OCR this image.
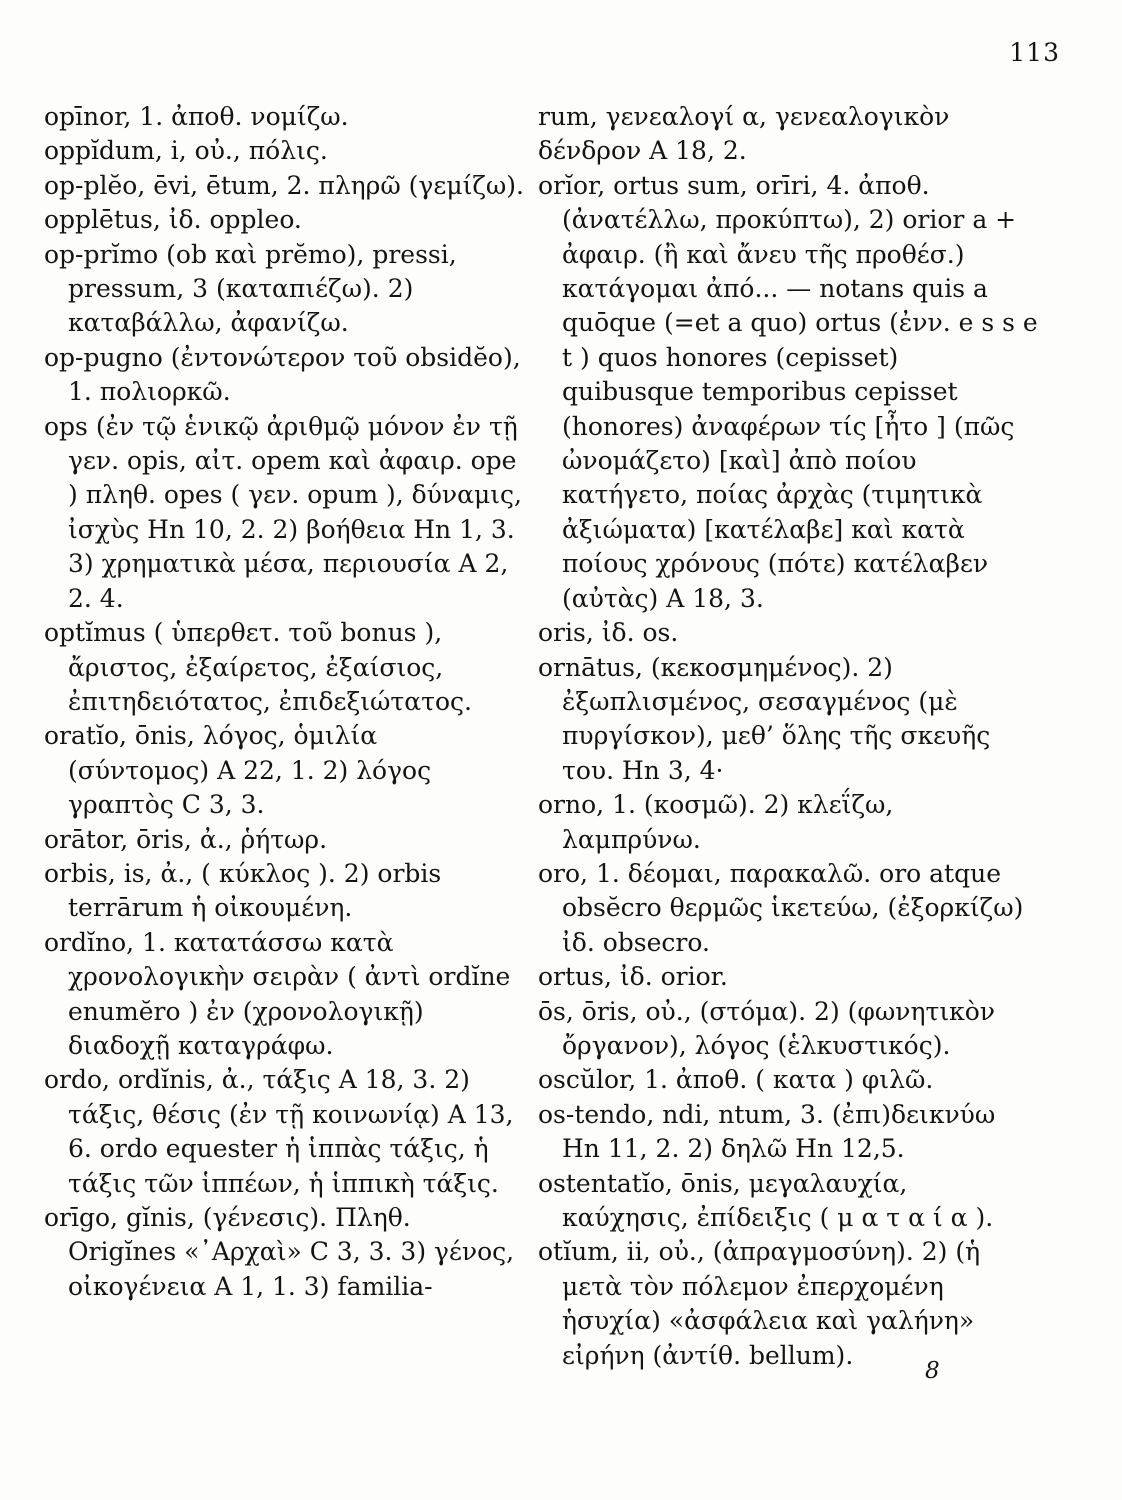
113

opīnor, 1. ἀποθ. νομίζω.

oppĭdum, i, οὐ., πόλις.

op-plĕo, ēvi, ētum, 2. πληρῶ (γεμίζω).

opplētus, ἰδ. oppleo.

op-prĭmo (ob καὶ prĕmo), pressi, pressum, 3 (καταπιέζω). 2) καταβάλλω, ἀφανίζω.

op-pugno (ἐντονώτερον τοῦ obsidĕo), 1. πολιορκῶ.

ops (ἐν τῷ ἑνικῷ ἀριθμῷ μόνον ἐν τῇ γεν. opis, αἰτ. opem καὶ ἀφαιρ. ope ) πληθ. opes ( γεν. opum ), δύναμις, ἰσχὺς Hn 10, 2. 2) βοήθεια Hn 1, 3. 3) χρηματικὰ μέσα, περιουσία A 2, 2. 4.

optĭmus ( ὑπερθετ. τοῦ bonus ), ἄριστος, ἐξαίρετος, ἐξαίσιος, ἐπιτηδειότατος, ἐπιδεξιώτατος.

oratĭo, ōnis, λόγος, ὁμιλία (σύντομος) A 22, 1. 2) λόγος γραπτὸς C 3, 3.

orātor, ōris, ἀ., ῥήτωρ.

orbis, is, ἀ., ( κύκλος ). 2) orbis terrārum ἡ οἰκουμένη.

ordĭno, 1. κατατάσσω κατὰ χρονολογικὴν σειρὰν ( ἀντὶ ordĭne enumĕro ) ἐν (χρονολογικῇ) διαδοχῇ καταγράφω.

ordo, ordĭnis, ἀ., τάξις A 18, 3. 2) τάξις, θέσις (ἐν τῇ κοινωνίᾳ) A 13, 6. ordo equester ἡ ἱππὰς τάξις, ἡ τάξις τῶν ἱππέων, ἡ ἱππικὴ τάξις.

orīgo, gĭnis, (γένεσις). Πληθ. Origĭnes «᾿Αρχαὶ» C 3, 3. 3) γένος, οἰκογένεια A 1, 1. 3) familia-

rum, γενεαλογί α, γενεαλογικὸν δένδρον A 18, 2.

orĭor, ortus sum, orīri, 4. ἀποθ. (ἀνατέλλω, προκύπτω), 2) orior a + ἀφαιρ. (ἢ καὶ ἄνευ τῆς προθέσ.) κατάγομαι ἀπό... — notans quis a quōque (=et a quo) ortus (ἐνν. e s s e t ) quos honores (cepisset) quibusque temporibus cepisset (honores) ἀναφέρων τίς [ἦτο ] (πῶς ὠνομάζετο) [καὶ] ἀπὸ ποίου κατήγετο, ποίας ἀρχὰς (τιμητικὰ ἀξιώματα) [κατέλαβε] καὶ κατὰ ποίους χρόνους (πότε) κατέλαβεν (αὐτὰς) A 18, 3.

oris, ἰδ. os.

ornātus, (κεκοσμημένος). 2) ἐξωπλισμένος, σεσαγμένος (μὲ πυργίσκον), μεθ’ ὅλης τῆς σκευῆς του. Hn 3, 4·

orno, 1. (κοσμῶ). 2) κλεΐζω, λαμπρύνω.

oro, 1. δέομαι, παρακαλῶ. oro atque obsĕcro θερμῶς ἱκετεύω, (ἐξορκίζω) ἰδ. obsecro.

ortus, ἰδ. orior.

ōs, ōris, οὐ., (στόμα). 2) (φωνητικὸν ὄργανον), λόγος (ἑλκυστικός).

oscŭlor, 1. ἀποθ. ( κατα ) φιλῶ.

os-tendo, ndi, ntum, 3. (ἐπι)δεικνύω Hn 11, 2. 2) δηλῶ Hn 12,5.

ostentatĭo, ōnis, μεγαλαυχία, καύχησις, ἐπίδειξις ( μ α τ α ί α ).

otĭum, ii, οὐ., (ἀπραγμοσύνη). 2) (ἡ μετὰ τὸν πόλεμον ἐπερχομένη ἡσυχία) «ἀσφάλεια καὶ γαλήνη» εἰρήνη (ἀντίθ. bellum).

8
